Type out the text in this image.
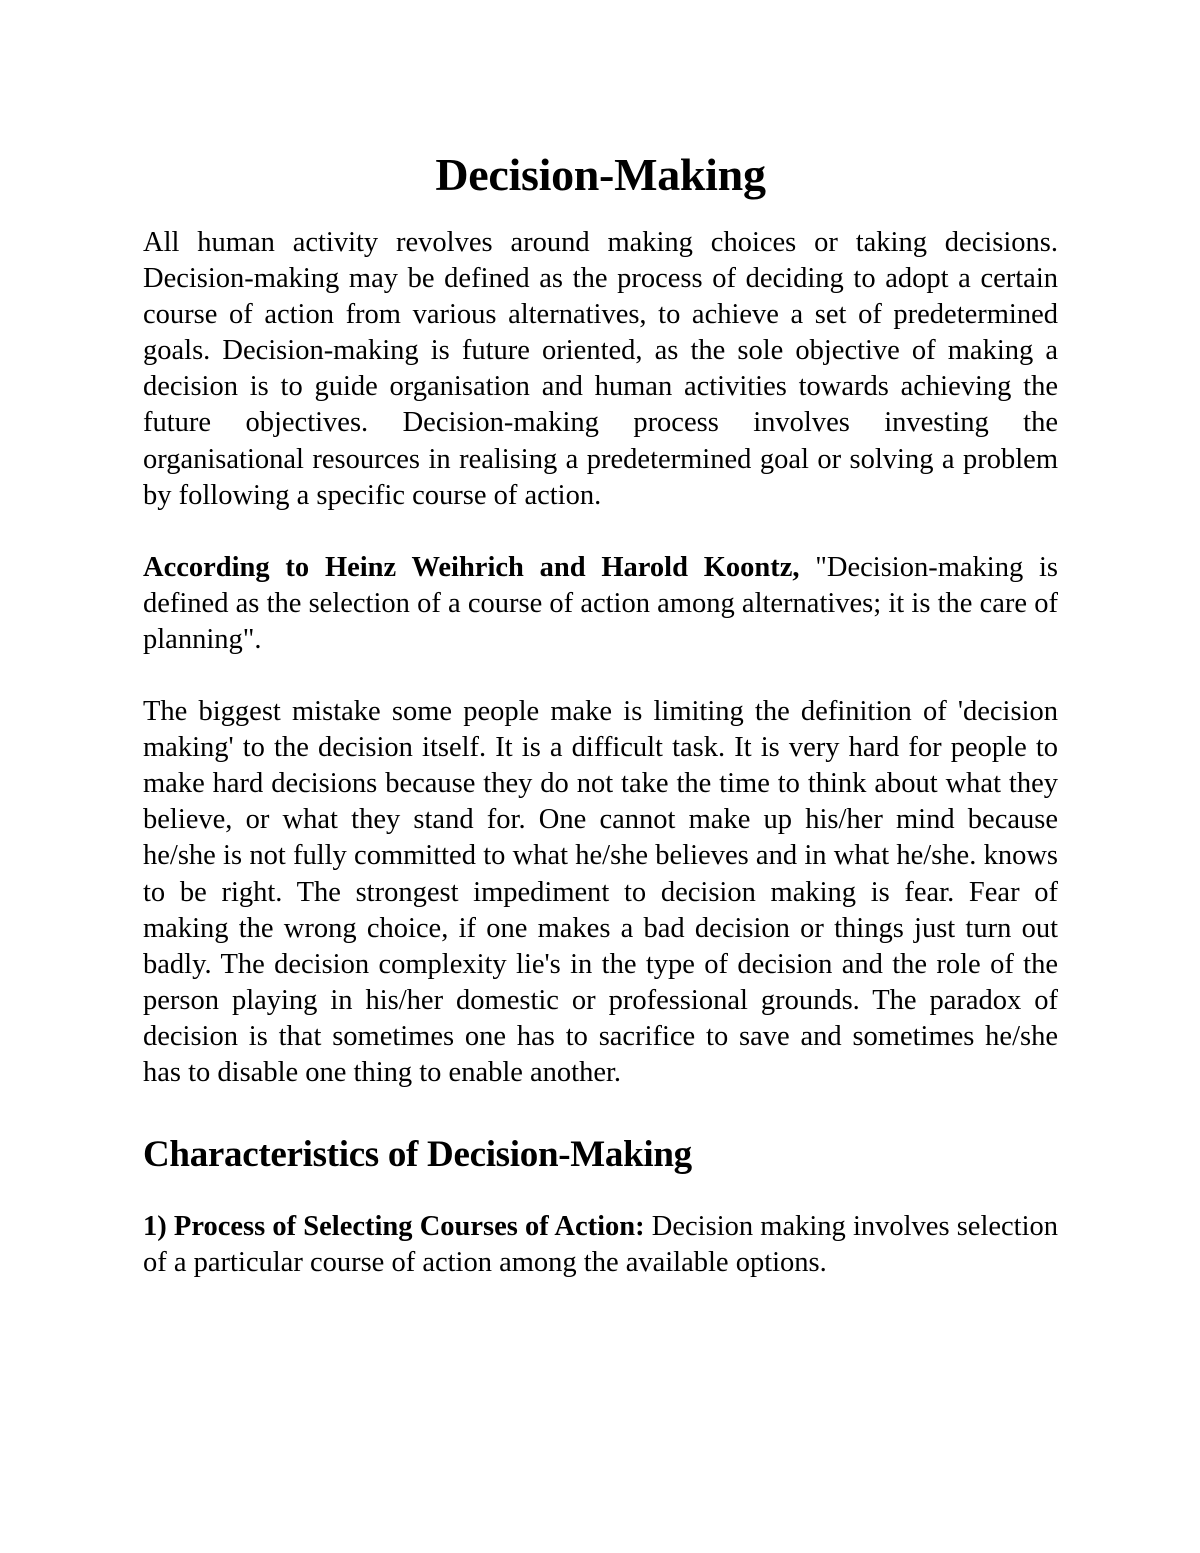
Decision-Making

All human activity revolves around making choices or taking decisions. Decision-making may be defined as the process of deciding to adopt a certain course of action from various alternatives, to achieve a set of predetermined goals. Decision-making is future oriented, as the sole objective of making a decision is to guide organisation and human activities towards achieving the future objectives. Decision-making process involves investing the organisational resources in realising a predetermined goal or solving a problem by following a specific course of action.

According to Heinz Weihrich and Harold Koontz, "Decision-making is defined as the selection of a course of action among alternatives; it is the care of planning".

The biggest mistake some people make is limiting the definition of 'decision making' to the decision itself. It is a difficult task. It is very hard for people to make hard decisions because they do not take the time to think about what they believe, or what they stand for. One cannot make up his/her mind because he/she is not fully committed to what he/she believes and in what he/she. knows to be right. The strongest impediment to decision making is fear. Fear of making the wrong choice, if one makes a bad decision or things just turn out badly. The decision complexity lie's in the type of decision and the role of the person playing in his/her domestic or professional grounds. The paradox of decision is that sometimes one has to sacrifice to save and sometimes he/she has to disable one thing to enable another.

Characteristics of Decision-Making

1) Process of Selecting Courses of Action: Decision making involves selection of a particular course of action among the available options.
